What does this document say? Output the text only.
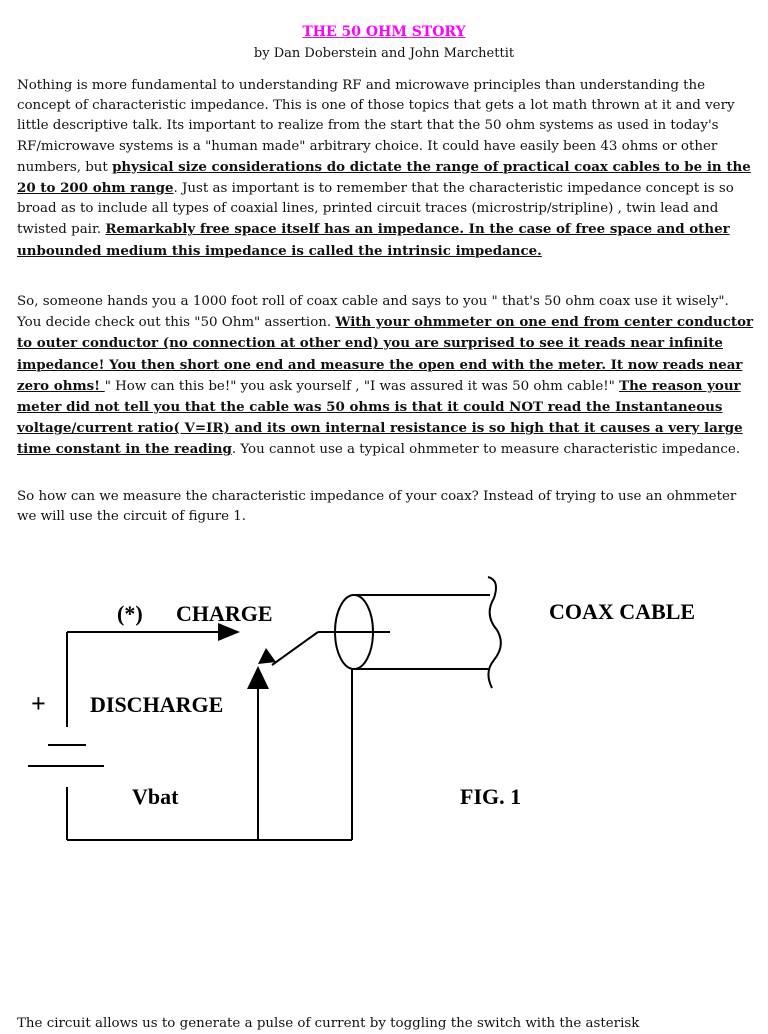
THE 50 OHM STORY
by Dan Doberstein and John Marchettit

Nothing is more fundamental to understanding RF and microwave principles than understanding the concept of characteristic impedance. This is one of those topics that gets a lot math thrown at it and very little descriptive talk. Its important to realize from the start that the 50 ohm systems as used in today's RF/microwave systems is a "human made" arbitrary choice. It could have easily been 43 ohms or other numbers, but physical size considerations do dictate the range of practical coax cables to be in the 20 to 200 ohm range. Just as important is to remember that the characteristic impedance concept is so broad as to include all types of coaxial lines, printed circuit traces (microstrip/stripline) , twin lead and twisted pair. Remarkably free space itself has an impedance. In the case of free space and other unbounded medium this impedance is called the intrinsic impedance.

So, someone hands you a 1000 foot roll of coax cable and says to you " that's 50 ohm coax use it wisely". You decide check out this "50 Ohm" assertion. With your ohmmeter on one end from center conductor to outer conductor (no connection at other end) you are surprised to see it reads near infinite impedance! You then short one end and measure the open end with the meter. It now reads near zero ohms! " How can this be!" you ask yourself , "I was assured it was 50 ohm cable!" The reason your meter did not tell you that the cable was 50 ohms is that it could NOT read the Instantaneous voltage/current ratio( V=IR) and its own internal resistance is so high that it causes a very large time constant in the reading. You cannot use a typical ohmmeter to measure characteristic impedance.

So how can we measure the characteristic impedance of your coax? Instead of trying to use an ohmmeter we will use the circuit of figure 1.

(*) CHARGE
+ DISCHARGE
Vbat
COAX CABLE
FIG. 1
The circuit allows us to generate a pulse of current by toggling the switch with the asterisk
